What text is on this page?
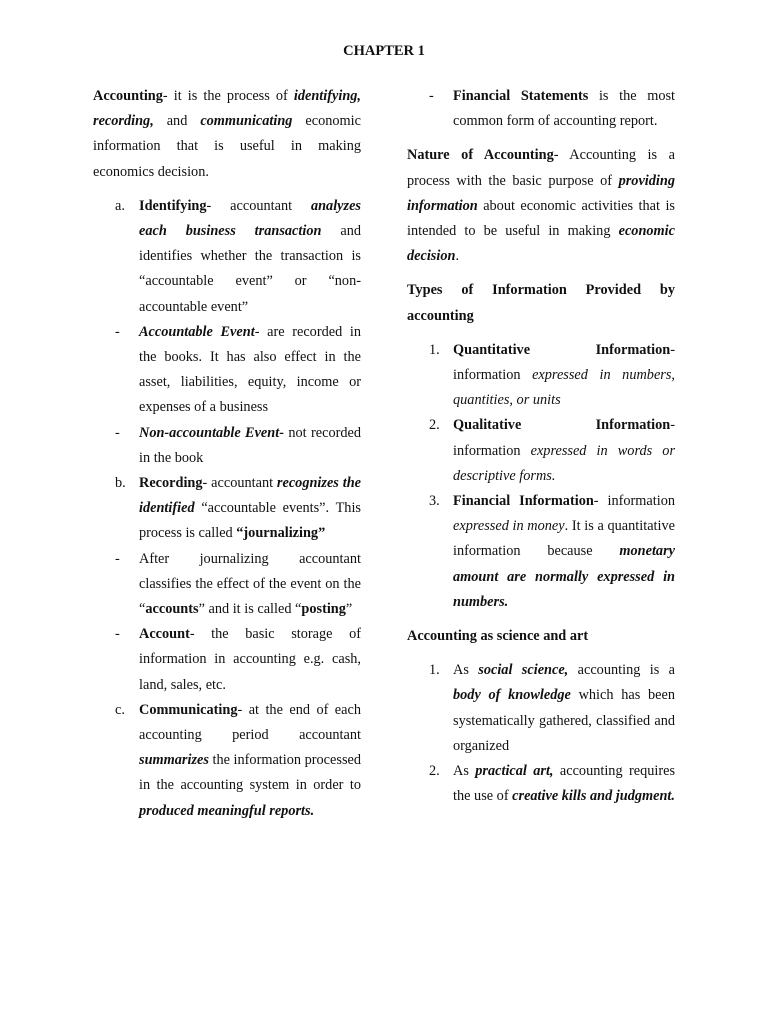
CHAPTER 1

Accounting- it is the process of identifying, recording, and communicating economic information that is useful in making economics decision.

a. Identifying- accountant analyzes each business transaction and identifies whether the transaction is “accountable event” or “non-accountable event”
- Accountable Event- are recorded in the books. It has also effect in the asset, liabilities, equity, income or expenses of a business
- Non-accountable Event- not recorded in the book
b. Recording- accountant recognizes the identified “accountable events”. This process is called “journalizing”
- After journalizing accountant classifies the effect of the event on the “accounts” and it is called “posting”
- Account- the basic storage of information in accounting e.g. cash, land, sales, etc.
c. Communicating- at the end of each accounting period accountant summarizes the information processed in the accounting system in order to produced meaningful reports.
- Financial Statements is the most common form of accounting report.

Nature of Accounting- Accounting is a process with the basic purpose of providing information about economic activities that is intended to be useful in making economic decision.

Types of Information Provided by accounting

1. Quantitative Information- information expressed in numbers, quantities, or units
2. Qualitative Information- information expressed in words or descriptive forms.
3. Financial Information- information expressed in money. It is a quantitative information because monetary amount are normally expressed in numbers.

Accounting as science and art

1. As social science, accounting is a body of knowledge which has been systematically gathered, classified and organized
2. As practical art, accounting requires the use of creative kills and judgment.
